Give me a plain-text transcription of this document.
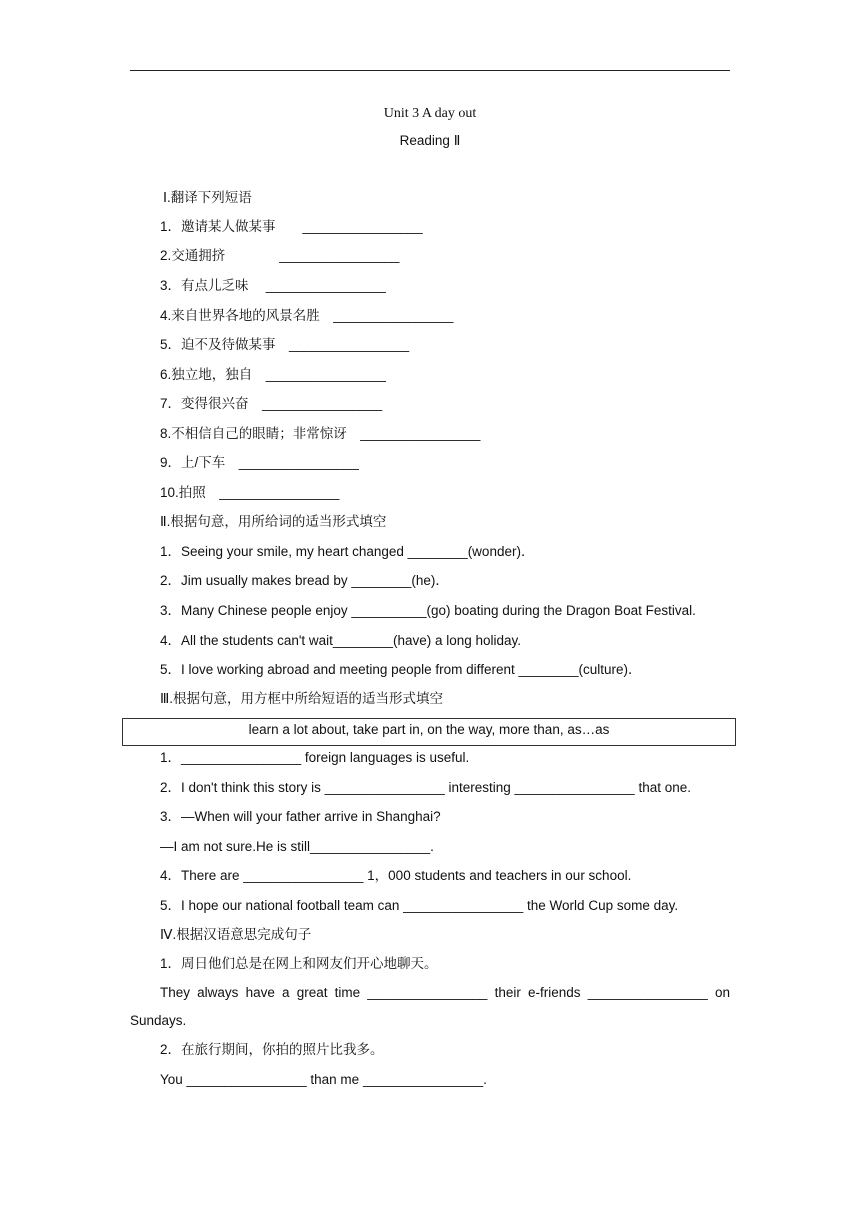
Unit 3 A day out
Reading Ⅱ
Ⅰ.翻译下列短语
1．邀请某人做某事　　________________
2.交通拥挤　　　　________________
3．有点儿乏味　 ________________
4.来自世界各地的风景名胜　________________
5．迫不及待做某事　________________
6.独立地，独自　________________
7．变得很兴奋　________________
8.不相信自己的眼睛；非常惊讶　________________
9．上/下车　________________
10.拍照　________________
Ⅱ.根据句意，用所给词的适当形式填空
1．Seeing your smile, my heart changed ________(wonder)．
2．Jim usually makes bread by ________(he)．
3．Many Chinese people enjoy __________(go) boating during the Dragon Boat Festival.
4．All the students can't wait________(have) a long holiday.
5．I love working abroad and meeting people from different ________(culture)．
Ⅲ.根据句意，用方框中所给短语的适当形式填空
learn a lot about, take part in, on the way, more than, as…as
1．________________ foreign languages is useful.
2．I don't think this story is ________________ interesting ________________ that one.
3．—When will your father arrive in Shanghai?
—I am not sure.He is still________________.
4．There are ________________ 1，000 students and teachers in our school.
5．I hope our national football team can ________________ the World Cup some day.
Ⅳ.根据汉语意思完成句子
1．周日他们总是在网上和网友们开心地聊天。
They always have a great time ________________ their e-friends ________________ on
Sundays.
2．在旅行期间，你拍的照片比我多。
You ________________ than me ________________.
